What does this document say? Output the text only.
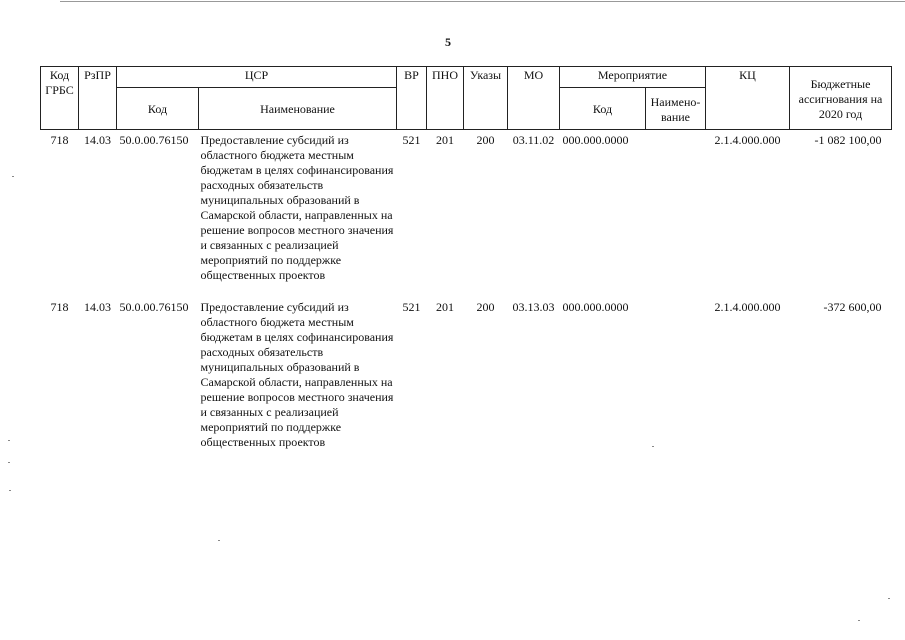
5
Код ГРБС	РзПР	ЦСР		ВР	ПНО	Указы	МО	Мероприятие		КЦ	Бюджетные ассигнования на 2020 год
		Код	Наименование					Код	Наимено-вание		
718	14.03	50.0.00.76150	Предоставление субсидий из областного бюджета местным бюджетам в целях софинансирования расходных обязательств муниципальных образований в Самарской области, направленных на решение вопросов местного значения и связанных с реализацией мероприятий по поддержке общественных проектов	521	201	200	03.11.02	000.000.0000		2.1.4.000.000	-1 082 100,00

718	14.03	50.0.00.76150	Предоставление субсидий из областного бюджета местным бюджетам в целях софинансирования расходных обязательств муниципальных образований в Самарской области, направленных на решение вопросов местного значения и связанных с реализацией мероприятий по поддержке общественных проектов	521	201	200	03.13.03	000.000.0000		2.1.4.000.000	-372 600,00
